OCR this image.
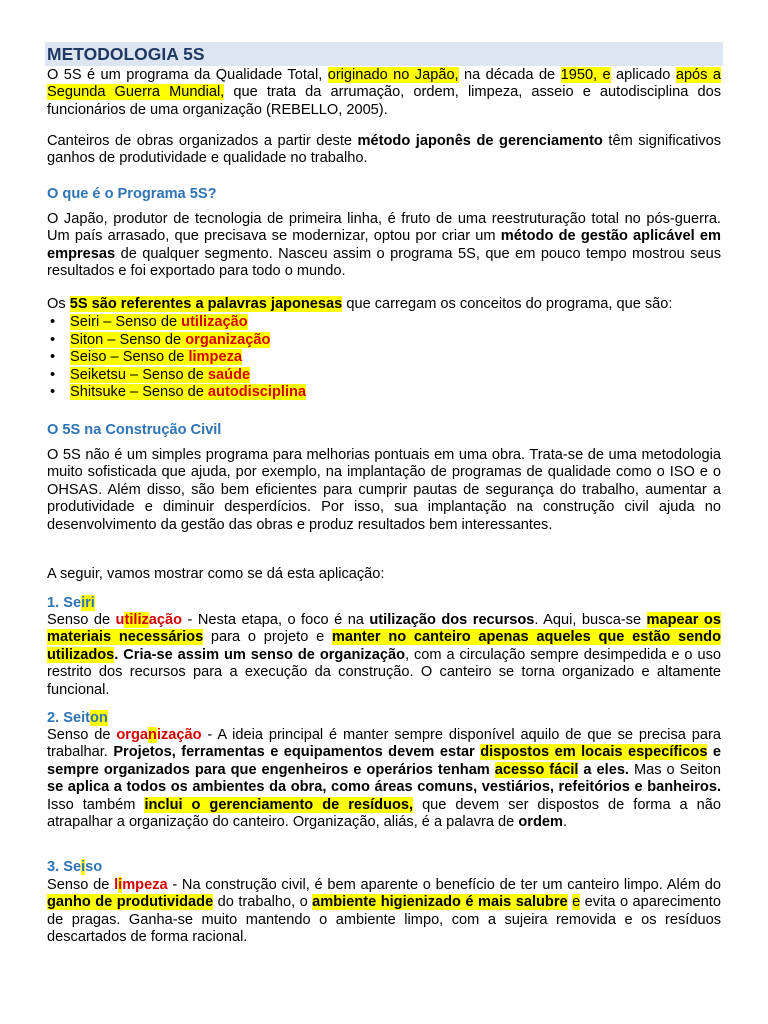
METODOLOGIA 5S

O 5S é um programa da Qualidade Total, originado no Japão, na década de 1950, e aplicado após a Segunda Guerra Mundial, que trata da arrumação, ordem, limpeza, asseio e autodisciplina dos funcionários de uma organização (REBELLO, 2005).

Canteiros de obras organizados a partir deste método japonês de gerenciamento têm significativos ganhos de produtividade e qualidade no trabalho.

O que é o Programa 5S?

O Japão, produtor de tecnologia de primeira linha, é fruto de uma reestruturação total no pós-guerra. Um país arrasado, que precisava se modernizar, optou por criar um método de gestão aplicável em empresas de qualquer segmento. Nasceu assim o programa 5S, que em pouco tempo mostrou seus resultados e foi exportado para todo o mundo.

Os 5S são referentes a palavras japonesas que carregam os conceitos do programa, que são:

• Seiri – Senso de utilização
• Siton – Senso de organização
• Seiso – Senso de limpeza
• Seiketsu – Senso de saúde
• Shitsuke – Senso de autodisciplina

O 5S na Construção Civil

O 5S não é um simples programa para melhorias pontuais em uma obra. Trata-se de uma metodologia muito sofisticada que ajuda, por exemplo, na implantação de programas de qualidade como o ISO e o OHSAS. Além disso, são bem eficientes para cumprir pautas de segurança do trabalho, aumentar a produtividade e diminuir desperdícios. Por isso, sua implantação na construção civil ajuda no desenvolvimento da gestão das obras e produz resultados bem interessantes.

A seguir, vamos mostrar como se dá esta aplicação:

1. Seiri

Senso de utilização - Nesta etapa, o foco é na utilização dos recursos. Aqui, busca-se mapear os materiais necessários para o projeto e manter no canteiro apenas aqueles que estão sendo utilizados. Cria-se assim um senso de organização, com a circulação sempre desimpedida e o uso restrito dos recursos para a execução da construção. O canteiro se torna organizado e altamente funcional.

2. Seiton

Senso de organização - A ideia principal é manter sempre disponível aquilo de que se precisa para trabalhar. Projetos, ferramentas e equipamentos devem estar dispostos em locais específicos e sempre organizados para que engenheiros e operários tenham acesso fácil a eles. Mas o Seiton se aplica a todos os ambientes da obra, como áreas comuns, vestiários, refeitórios e banheiros. Isso também inclui o gerenciamento de resíduos, que devem ser dispostos de forma a não atrapalhar a organização do canteiro. Organização, aliás, é a palavra de ordem.

3. Seiso

Senso de limpeza - Na construção civil, é bem aparente o benefício de ter um canteiro limpo. Além do ganho de produtividade do trabalho, o ambiente higienizado é mais salubre e evita o aparecimento de pragas. Ganha-se muito mantendo o ambiente limpo, com a sujeira removida e os resíduos descartados de forma racional.
